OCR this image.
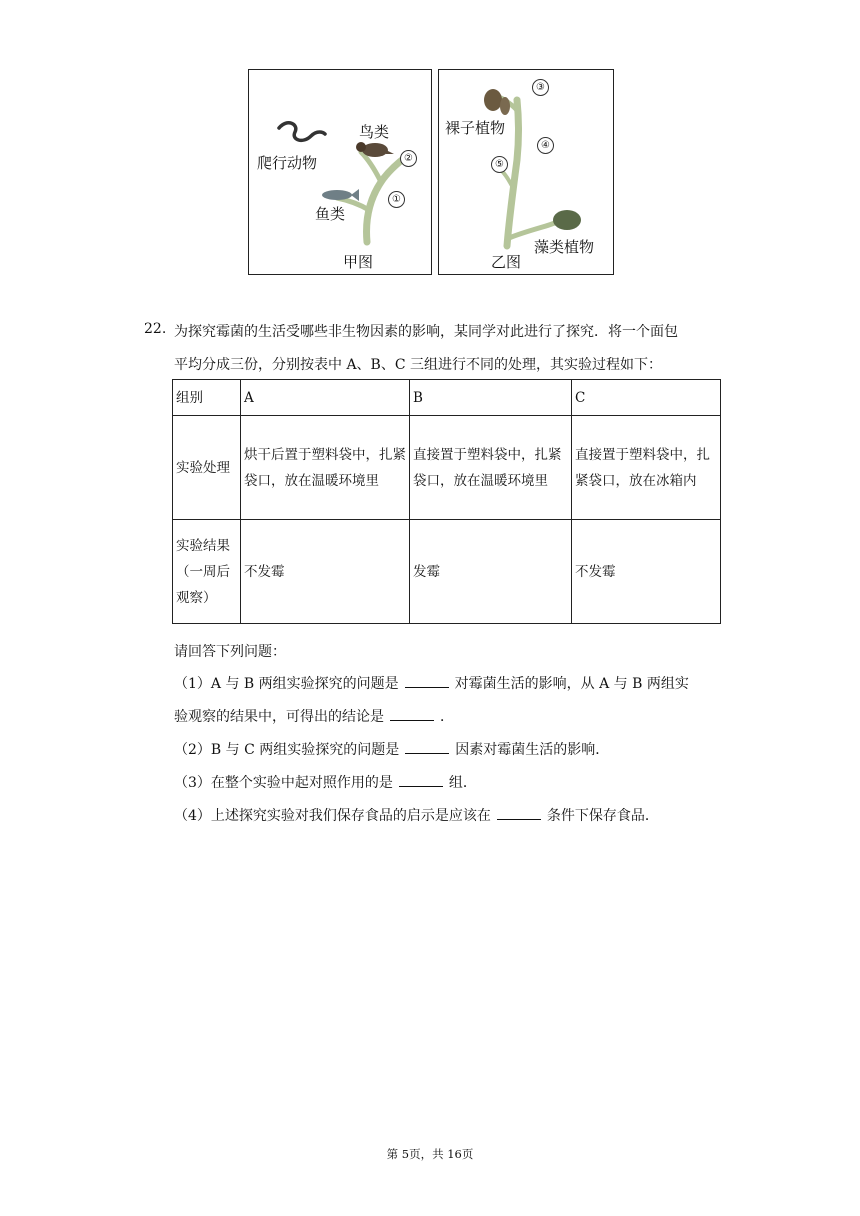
爬行动物
鸟类
鱼类
②
①
甲图
③
裸子植物
④
⑤
藻类植物
乙图
22. 为探究霉菌的生活受哪些非生物因素的影响，某同学对此进行了探究．将一个面包
平均分成三份，分别按表中 A、B、C 三组进行不同的处理，其实验过程如下：
组别	A	B	C
实验处理	烘干后置于塑料袋中，扎紧袋口，放在温暖环境里	直接置于塑料袋中，扎紧袋口，放在温暖环境里	直接置于塑料袋中，扎紧袋口，放在冰箱内
实验结果（一周后观察）	不发霉	发霉	不发霉
请回答下列问题：
（1）A 与 B 两组实验探究的问题是	对霉菌生活的影响，从 A 与 B 两组实
验观察的结果中，可得出的结论是	．
（2）B 与 C 两组实验探究的问题是	因素对霉菌生活的影响．
（3）在整个实验中起对照作用的是	组．
（4）上述探究实验对我们保存食品的启示是应该在	条件下保存食品．
第 5页，共 16页
